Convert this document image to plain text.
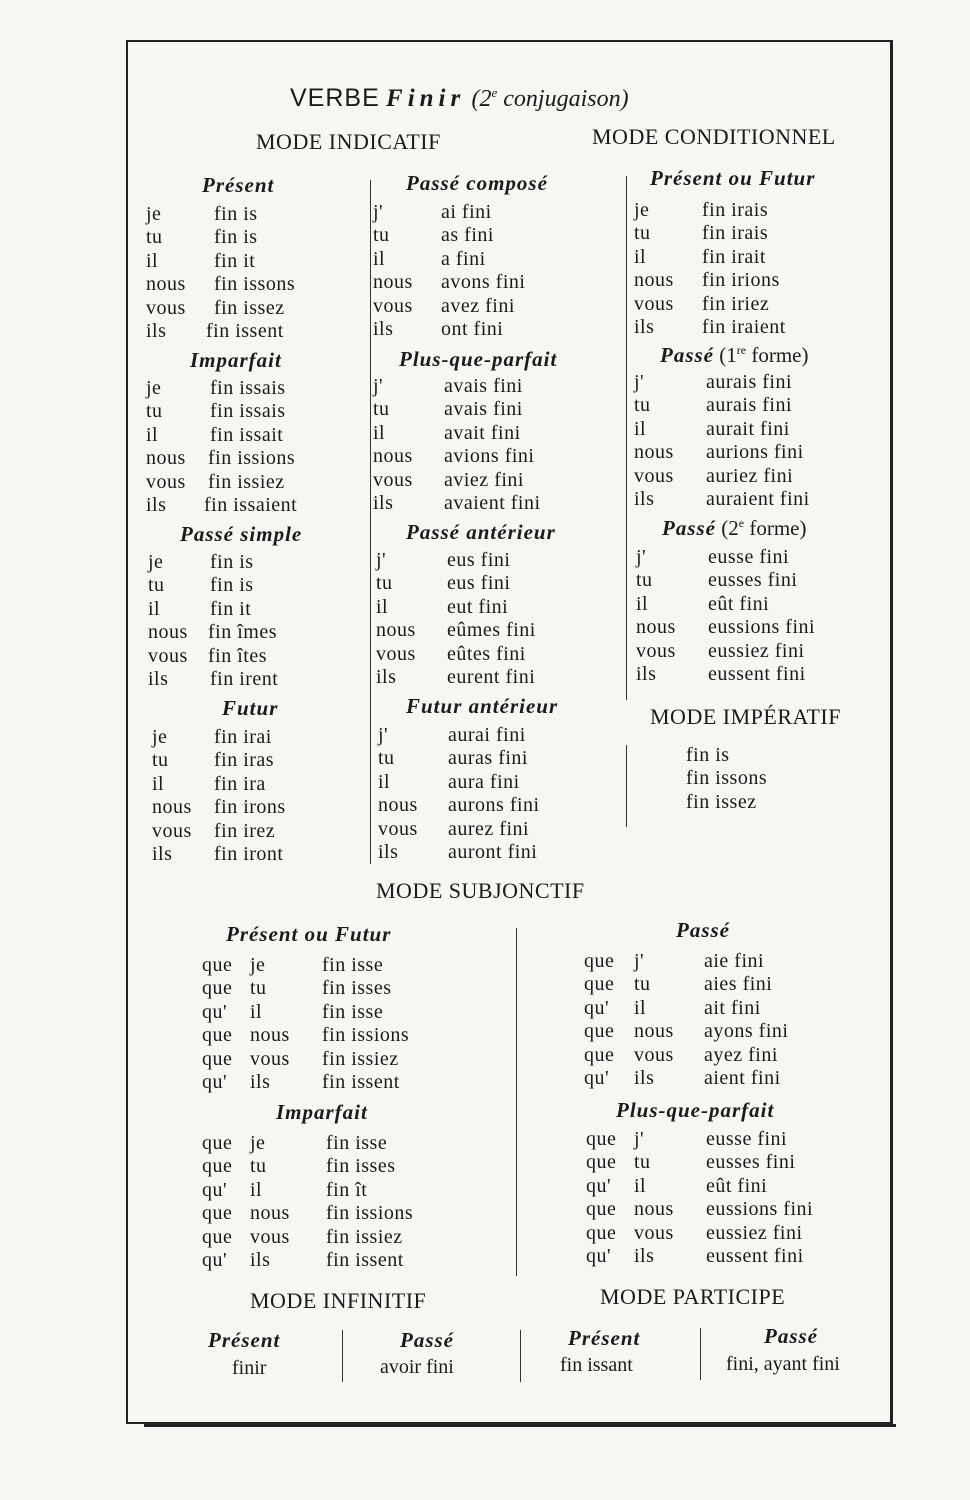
VERBE Finir (2e conjugaison)
MODE INDICATIF	MODE CONDITIONNEL
Présent
je	fin is
tu	fin is
il	fin it
nous fin issons
vous fin issez
ils fin issent
Passé composé
j'	ai fini
tu	as fini
il	a fini
nous avons fini
vous avez fini
ils ont fini
Présent ou Futur
je	fin irais
tu	fin irais
il	fin irait
nous fin irions
vous fin iriez
ils fin iraient
Imparfait
je fin issais
tu fin issais
il	fin issait
nous fin issions
vous fin issiez
ils fin issaient
Plus-que-parfait
j'	avais fini
tu	avais fini
il	avait fini
nous avions fini
vous aviez fini
ils	avaient fini
Passé (1re forme)
j'	aurais fini
tu	aurais fini
il	aurait fini
nous aurions fini
vous auriez fini
ils	auraient fini
Passé simple
je fin is
tu fin is
il fin it
nous fin îmes
vous fin îtes
ils fin irent
Passé antérieur
j'	eus fini
tu	eus fini
il	eut fini
nous eûmes fini
vous eûtes fini
ils	eurent fini
Passé (2e forme)
j'	eusse fini
tu	eusses fini
il	eût fini
nous eussions fini
vous eussiez fini
ils	eussent fini
Futur
je fin irai
tu fin iras
il fin ira
nous fin irons
vous fin irez
ils fin iront
Futur antérieur
j'	aurai fini
tu	auras fini
il	aura fini
nous aurons fini
vous aurez fini
ils auront fini
MODE IMPÉRATIF
fin is
fin issons
fin issez
MODE SUBJONCTIF
Présent ou Futur
que je	fin isse
que tu	fin isses
qu' il	fin isse
que nous fin issions
que vous fin issiez
qu' ils	fin issent
Passé
que j'	aie fini
que tu	aies fini
qu' il	ait fini
que nous ayons fini
que vous ayez fini
qu' ils aient fini
Imparfait
que je	fin isse
que tu	fin isses
qu' il	fin ît
que nous fin issions
que vous fin issiez
qu' ils	fin issent
Plus-que-parfait
que j'	eusse fini
que tu	eusses fini
qu' il	eût fini
que nous eussions fini
que vous eussiez fini
qu' ils	eussent fini
MODE INFINITIF	MODE PARTICIPE
Présent
finir
Passé
avoir fini
Présent
fin issant
Passé
fini, ayant fini
